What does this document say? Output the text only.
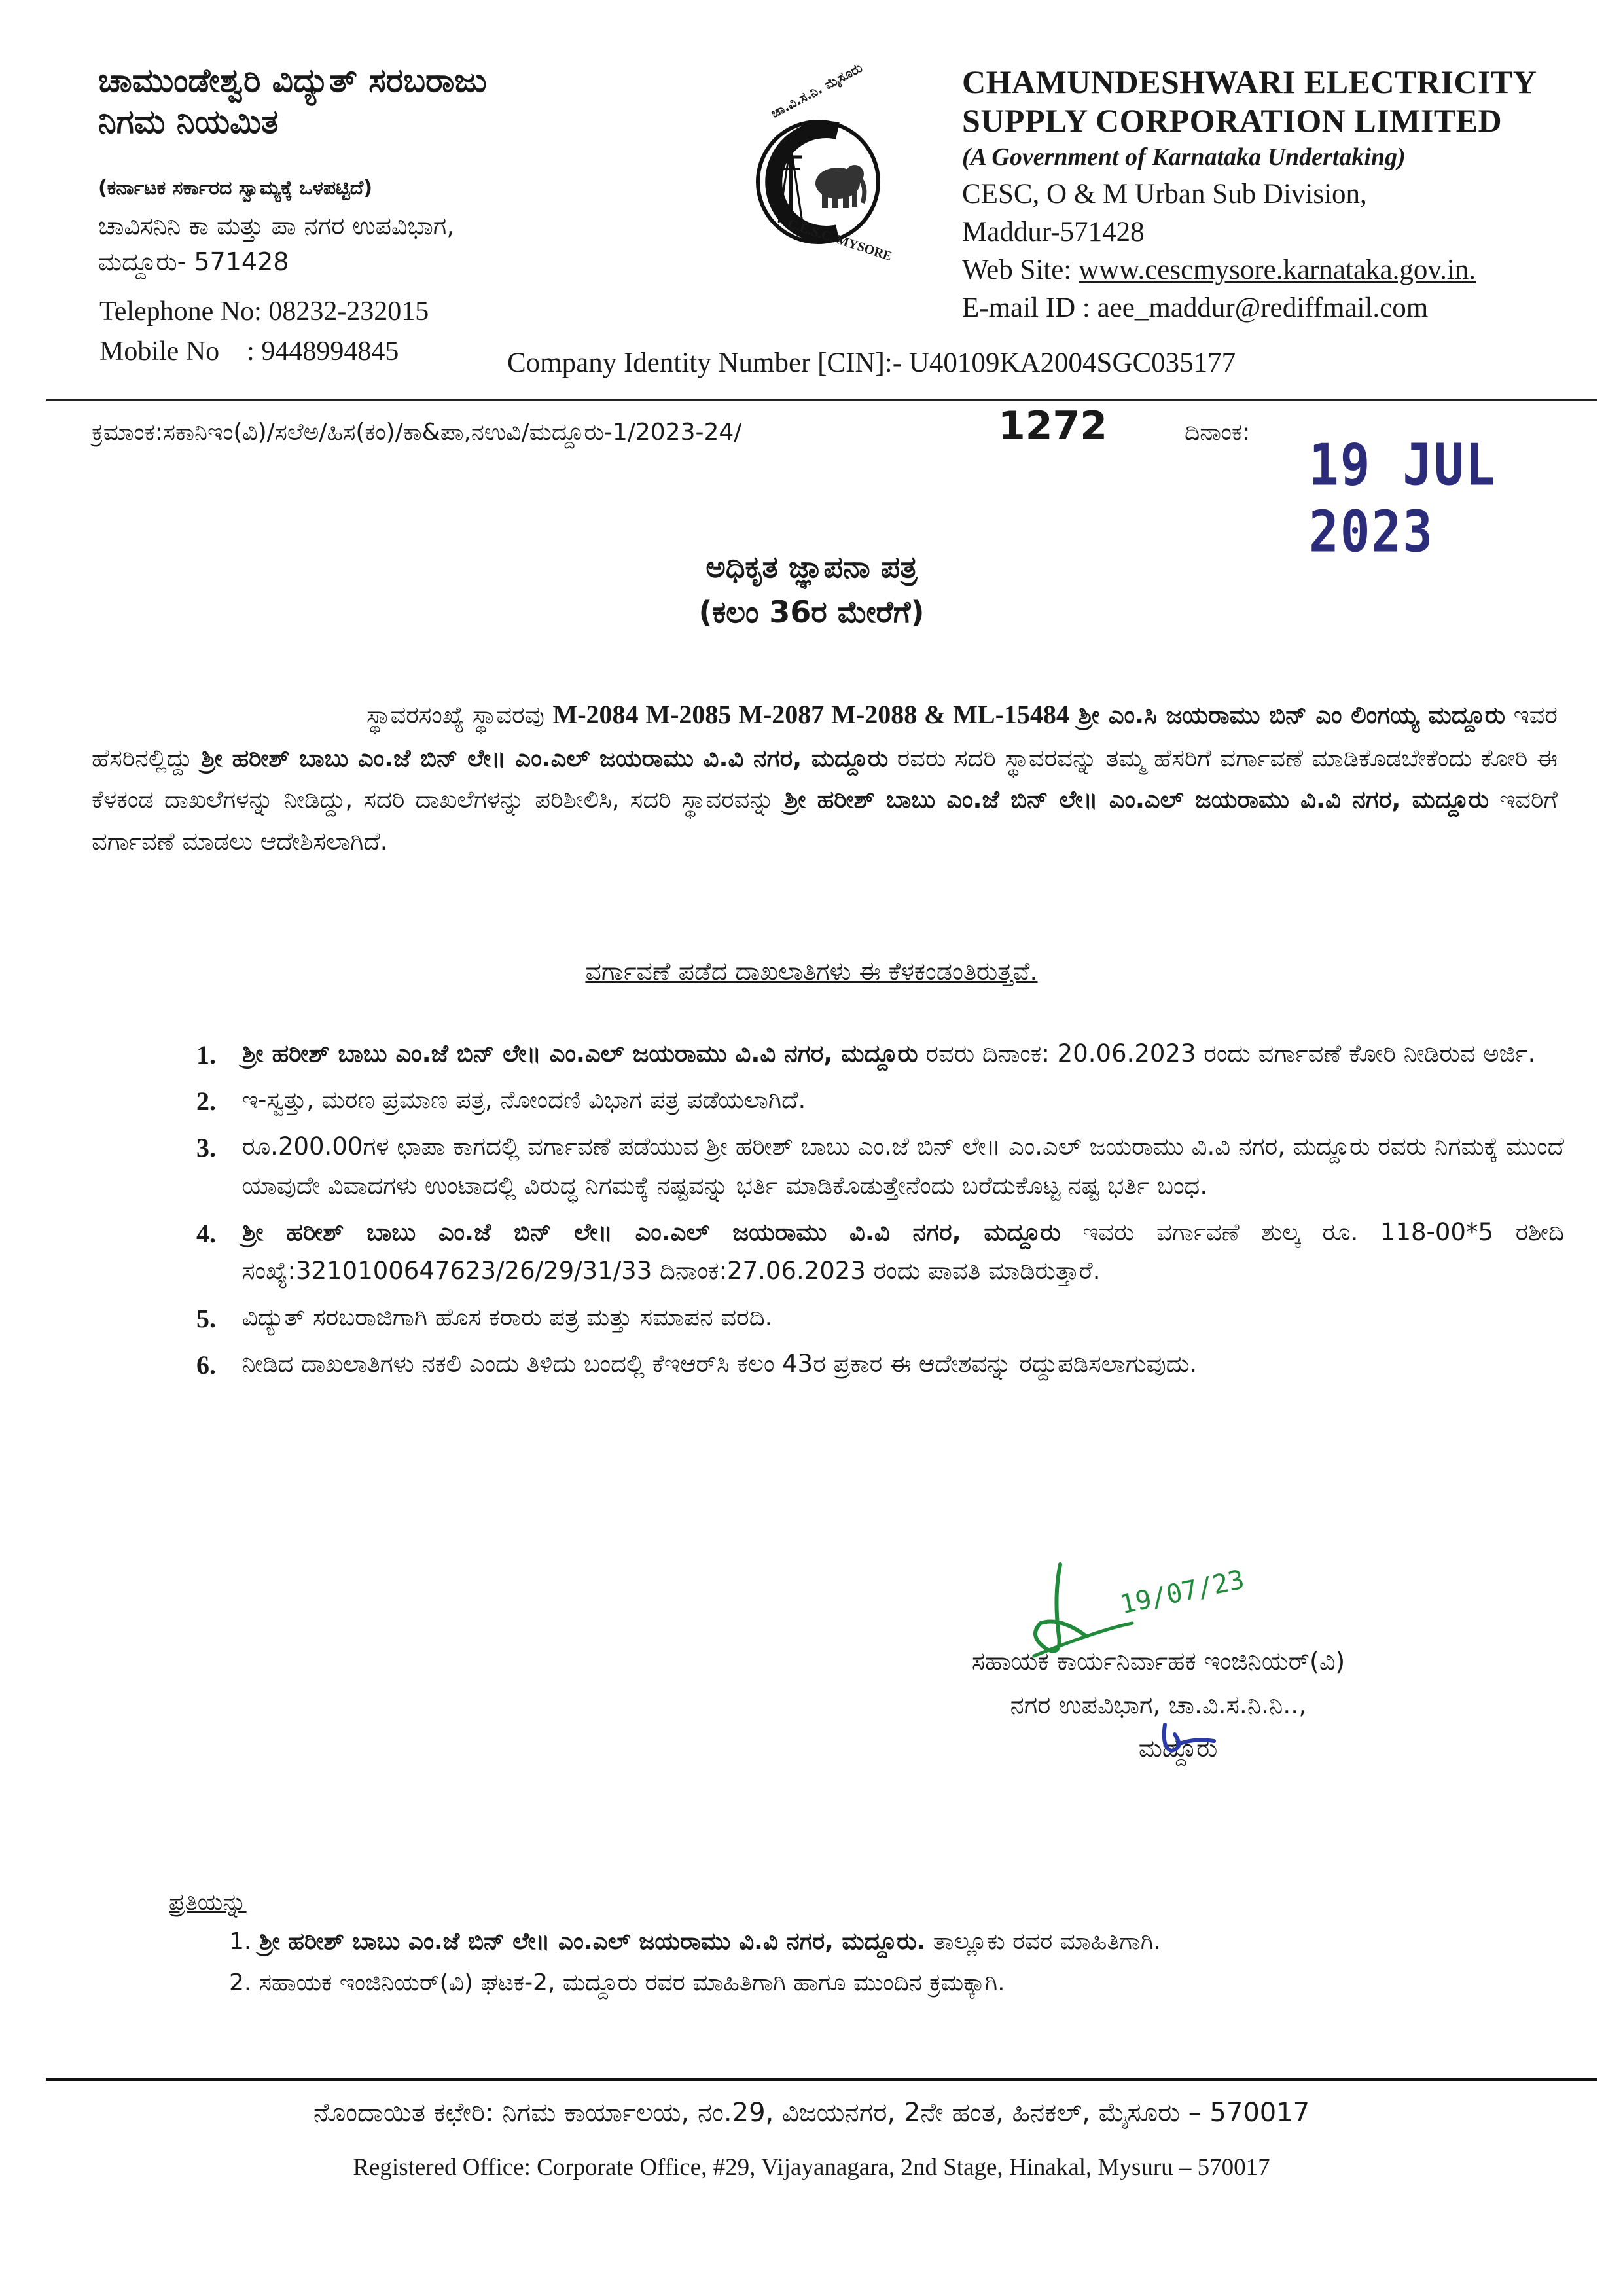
ಚಾಮುಂಡೇಶ್ವರಿ ವಿದ್ಯುತ್ ಸರಬರಾಜು
ನಿಗಮ ನಿಯಮಿತ
(ಕರ್ನಾಟಕ ಸರ್ಕಾರದ ಸ್ವಾಮ್ಯಕ್ಕೆ ಒಳಪಟ್ಟಿದೆ)
ಚಾವಿಸನಿನಿ ಕಾ ಮತ್ತು ಪಾ ನಗರ ಉಪವಿಭಾಗ,
ಮದ್ದೂರು- 571428
Telephone No: 08232-232015
Mobile No    : 9448994845
ಚಾ.ವಿ.ಸ.ನಿ. ಮೈಸೂರು
C.E.S.C. MYSORE
CHAMUNDESHWARI ELECTRICITY
SUPPLY CORPORATION LIMITED
(A Government of Karnataka Undertaking)
CESC, O & M Urban Sub Division,
Maddur-571428
Web Site: www.cescmysore.karnataka.gov.in.
E-mail ID : aee_maddur@rediffmail.com
Company Identity Number [CIN]:- U40109KA2004SGC035177
ಕ್ರಮಾಂಕ:ಸಕಾನಿಇಂ(ವಿ)/ಸಲೆಅ/ಹಿಸ(ಕಂ)/ಕಾ&ಪಾ,ನಉವಿ/ಮದ್ದೂರು-1/2023-24/	1272	ದಿನಾಂಕ: 19 JUL 2023
ಅಧಿಕೃತ ಜ್ಞಾಪನಾ ಪತ್ರ
(ಕಲಂ 36ರ ಮೇರೆಗೆ)
ಸ್ಥಾವರಸಂಖ್ಯೆ ಸ್ಥಾವರವು M-2084 M-2085 M-2087 M-2088 & ML-15484 ಶ್ರೀ ಎಂ.ಸಿ ಜಯರಾಮು ಬಿನ್ ಎಂ ಲಿಂಗಯ್ಯ ಮದ್ದೂರು ಇವರ ಹೆಸರಿನಲ್ಲಿದ್ದು ಶ್ರೀ ಹರೀಶ್ ಬಾಬು ಎಂ.ಜೆ ಬಿನ್ ಲೇ॥ ಎಂ.ಎಲ್ ಜಯರಾಮು ವಿ.ವಿ ನಗರ, ಮದ್ದೂರು ರವರು ಸದರಿ ಸ್ಥಾವರವನ್ನು ತಮ್ಮ ಹೆಸರಿಗೆ ವರ್ಗಾವಣೆ ಮಾಡಿಕೊಡಬೇಕೆಂದು ಕೋರಿ ಈ ಕೆಳಕಂಡ ದಾಖಲೆಗಳನ್ನು ನೀಡಿದ್ದು, ಸದರಿ ದಾಖಲೆಗಳನ್ನು ಪರಿಶೀಲಿಸಿ, ಸದರಿ ಸ್ಥಾವರವನ್ನು ಶ್ರೀ ಹರೀಶ್ ಬಾಬು ಎಂ.ಜೆ ಬಿನ್ ಲೇ॥ ಎಂ.ಎಲ್ ಜಯರಾಮು ವಿ.ವಿ ನಗರ, ಮದ್ದೂರು ಇವರಿಗೆ ವರ್ಗಾವಣೆ ಮಾಡಲು ಆದೇಶಿಸಲಾಗಿದೆ.
ವರ್ಗಾವಣೆ ಪಡೆದ ದಾಖಲಾತಿಗಳು ಈ ಕೆಳಕಂಡಂತಿರುತ್ತವೆ.
1. ಶ್ರೀ ಹರೀಶ್ ಬಾಬು ಎಂ.ಜೆ ಬಿನ್ ಲೇ॥ ಎಂ.ಎಲ್ ಜಯರಾಮು ವಿ.ವಿ ನಗರ, ಮದ್ದೂರು ರವರು ದಿನಾಂಕ: 20.06.2023 ರಂದು ವರ್ಗಾವಣೆ ಕೋರಿ ನೀಡಿರುವ ಅರ್ಜಿ.
2. ಇ-ಸ್ವತ್ತು, ಮರಣ ಪ್ರಮಾಣ ಪತ್ರ, ನೋಂದಣಿ ವಿಭಾಗ ಪತ್ರ ಪಡೆಯಲಾಗಿದೆ.
3. ರೂ.200.00ಗಳ ಛಾಪಾ ಕಾಗದಲ್ಲಿ ವರ್ಗಾವಣೆ ಪಡೆಯುವ ಶ್ರೀ ಹರೀಶ್ ಬಾಬು ಎಂ.ಜೆ ಬಿನ್ ಲೇ॥ ಎಂ.ಎಲ್ ಜಯರಾಮು ವಿ.ವಿ ನಗರ, ಮದ್ದೂರು ರವರು ನಿಗಮಕ್ಕೆ ಮುಂದೆ ಯಾವುದೇ ವಿವಾದಗಳು ಉಂಟಾದಲ್ಲಿ ವಿರುದ್ಧ ನಿಗಮಕ್ಕೆ ನಷ್ಟವನ್ನು ಭರ್ತಿ ಮಾಡಿಕೊಡುತ್ತೇನೆಂದು ಬರೆದುಕೊಟ್ಟ ನಷ್ಟ ಭರ್ತಿ ಬಂಧ.
4. ಶ್ರೀ ಹರೀಶ್ ಬಾಬು ಎಂ.ಜೆ ಬಿನ್ ಲೇ॥ ಎಂ.ಎಲ್ ಜಯರಾಮು ವಿ.ವಿ ನಗರ, ಮದ್ದೂರು ಇವರು ವರ್ಗಾವಣೆ ಶುಲ್ಕ ರೂ. 118-00*5 ರಶೀದಿ ಸಂಖ್ಯೆ:3210100647623/26/29/31/33 ದಿನಾಂಕ:27.06.2023 ರಂದು ಪಾವತಿ ಮಾಡಿರುತ್ತಾರೆ.
5. ವಿದ್ಯುತ್ ಸರಬರಾಜಿಗಾಗಿ ಹೊಸ ಕರಾರು ಪತ್ರ ಮತ್ತು ಸಮಾಪನ ವರದಿ.
6. ನೀಡಿದ ದಾಖಲಾತಿಗಳು ನಕಲಿ ಎಂದು ತಿಳಿದು ಬಂದಲ್ಲಿ ಕೆಇಆರ್‌ಸಿ ಕಲಂ 43ರ ಪ್ರಕಾರ ಈ ಆದೇಶವನ್ನು ರದ್ದುಪಡಿಸಲಾಗುವುದು.
19/07/23
ಸಹಾಯಕ ಕಾರ್ಯನಿರ್ವಾಹಕ ಇಂಜಿನಿಯರ್(ವಿ)
ನಗರ ಉಪವಿಭಾಗ, ಚಾ.ವಿ.ಸ.ನಿ.ನಿ..,
ಮದ್ದೂರು
ಪ್ರತಿಯನ್ನು
1. ಶ್ರೀ ಹರೀಶ್ ಬಾಬು ಎಂ.ಜೆ ಬಿನ್ ಲೇ॥ ಎಂ.ಎಲ್ ಜಯರಾಮು ವಿ.ವಿ ನಗರ, ಮದ್ದೂರು. ತಾಲ್ಲೂಕು ರವರ ಮಾಹಿತಿಗಾಗಿ.
2. ಸಹಾಯಕ ಇಂಜಿನಿಯರ್(ವಿ) ಘಟಕ-2, ಮದ್ದೂರು ರವರ ಮಾಹಿತಿಗಾಗಿ ಹಾಗೂ ಮುಂದಿನ ಕ್ರಮಕ್ಕಾಗಿ.
ನೊಂದಾಯಿತ ಕಛೇರಿ: ನಿಗಮ ಕಾರ್ಯಾಲಯ, ನಂ.29, ವಿಜಯನಗರ, 2ನೇ ಹಂತ, ಹಿನಕಲ್, ಮೈಸೂರು – 570017
Registered Office: Corporate Office, #29, Vijayanagara, 2nd Stage, Hinakal, Mysuru – 570017
